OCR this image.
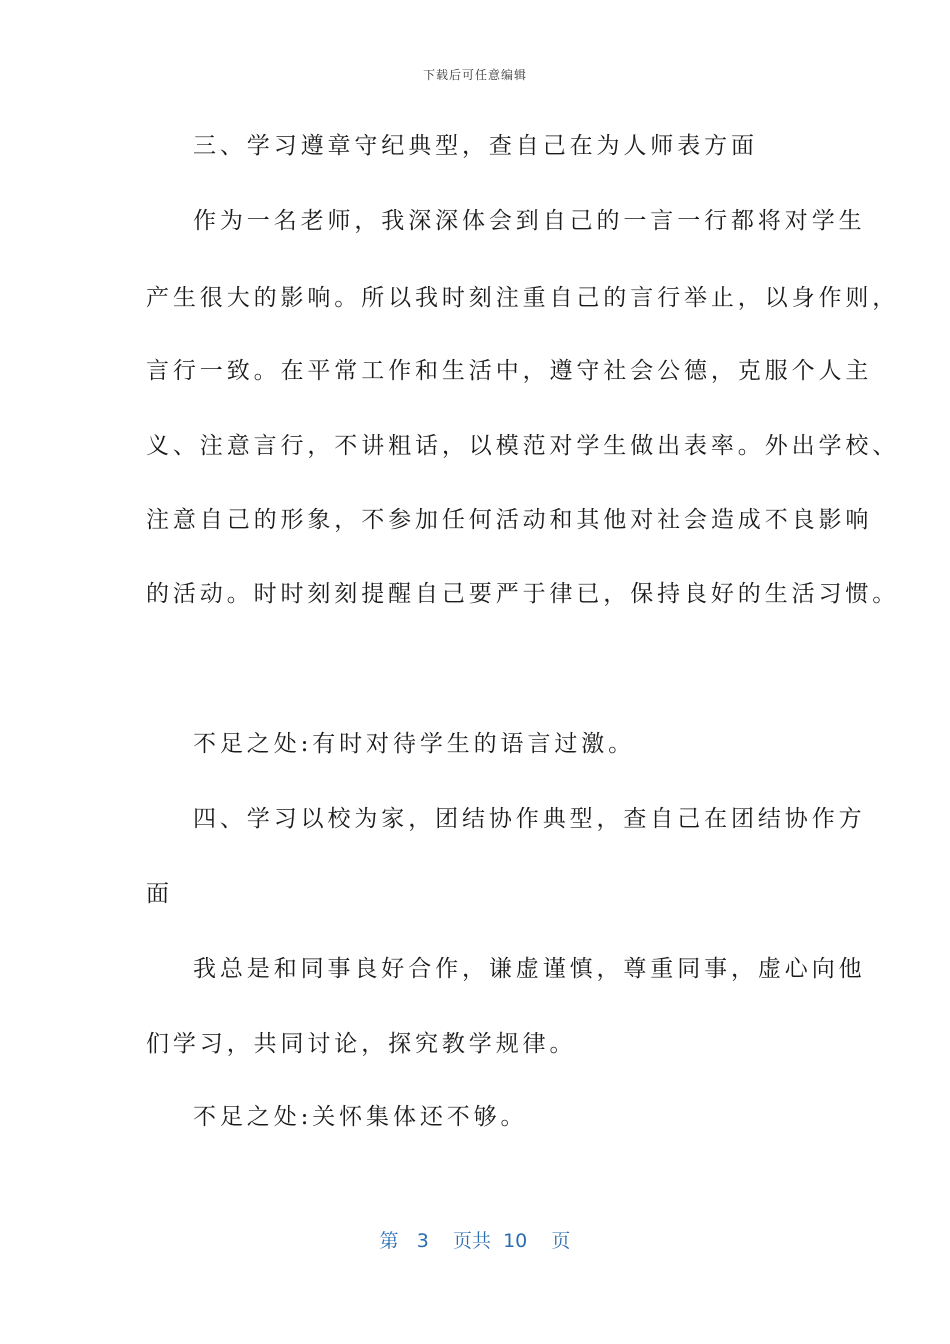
下载后可任意编辑
三、学习遵章守纪典型，查自己在为人师表方面
作为一名老师，我深深体会到自己的一言一行都将对学生
产生很大的影响。所以我时刻注重自己的言行举止，以身作则，
言行一致。在平常工作和生活中，遵守社会公德，克服个人主
义、注意言行，不讲粗话，以模范对学生做出表率。外出学校、
注意自己的形象，不参加任何活动和其他对社会造成不良影响
的活动。时时刻刻提醒自己要严于律已，保持良好的生活习惯。
不足之处:有时对待学生的语言过激。
四、学习以校为家，团结协作典型，查自己在团结协作方
面
我总是和同事良好合作，谦虚谨慎，尊重同事，虚心向他
们学习，共同讨论，探究教学规律。
不足之处:关怀集体还不够。
第 3 页共 10 页
